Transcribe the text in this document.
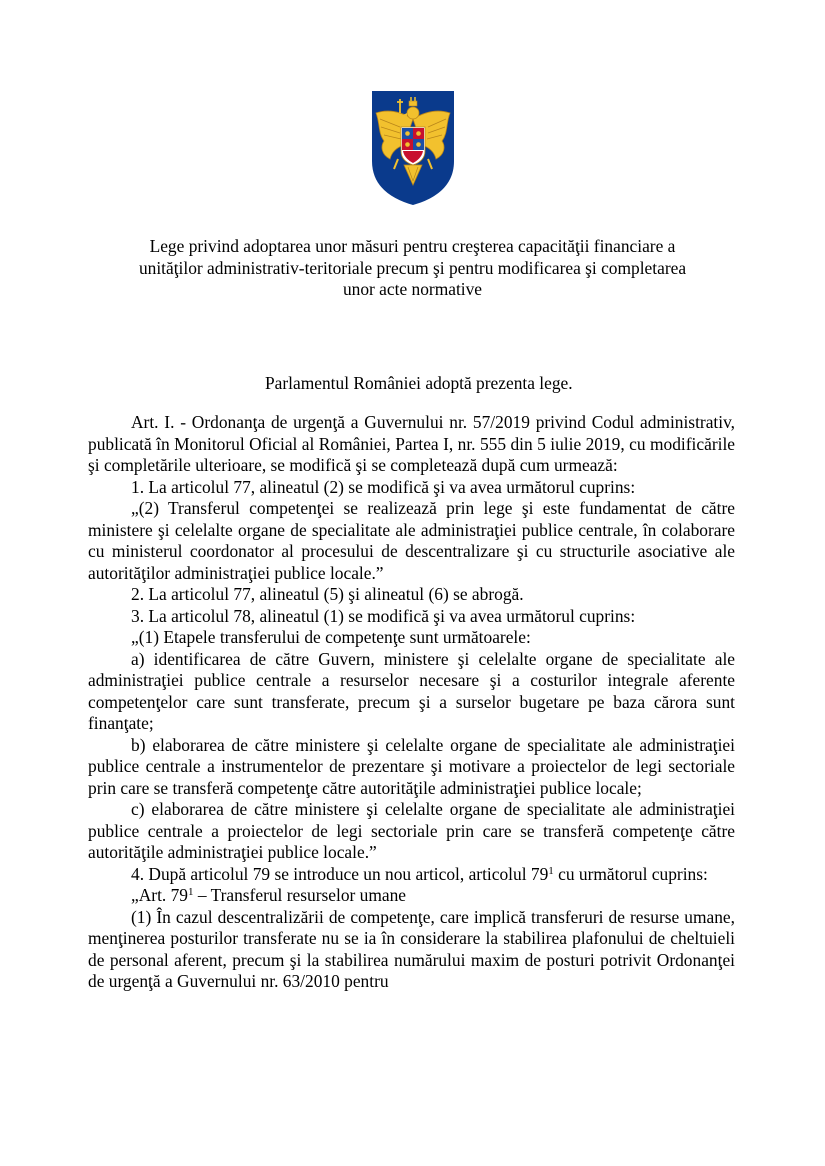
Lege privind adoptarea unor măsuri pentru creşterea capacităţii financiare a
unităţilor administrativ-teritoriale precum şi pentru modificarea şi completarea
unor acte normative
Parlamentul României adoptă prezenta lege.

Art. I. - Ordonanţa de urgenţă a Guvernului nr. 57/2019 privind Codul administrativ, publicată în Monitorul Oficial al României, Partea I, nr. 555 din 5 iulie 2019, cu modificările şi completările ulterioare, se modifică şi se completează după cum urmează:

1. La articolul 77, alineatul (2) se modifică şi va avea următorul cuprins:

„(2) Transferul competenţei se realizează prin lege şi este fundamentat de către ministere şi celelalte organe de specialitate ale administraţiei publice centrale, în colaborare cu ministerul coordonator al procesului de descentralizare şi cu structurile asociative ale autorităţilor administraţiei publice locale.”

2. La articolul 77, alineatul (5) şi alineatul (6) se abrogă.

3. La articolul 78, alineatul (1) se modifică şi va avea următorul cuprins:

„(1) Etapele transferului de competenţe sunt următoarele:

a) identificarea de către Guvern, ministere şi celelalte organe de specialitate ale administraţiei publice centrale a resurselor necesare şi a costurilor integrale aferente competenţelor care sunt transferate, precum şi a surselor bugetare pe baza cărora sunt finanţate;

b) elaborarea de către ministere şi celelalte organe de specialitate ale administraţiei publice centrale a instrumentelor de prezentare şi motivare a proiectelor de legi sectoriale prin care se transferă competenţe către autorităţile administraţiei publice locale;

c) elaborarea de către ministere şi celelalte organe de specialitate ale administraţiei publice centrale a proiectelor de legi sectoriale prin care se transferă competenţe către autorităţile administraţiei publice locale.”

4. După articolul 79 se introduce un nou articol, articolul $79^1$ cu următorul cuprins:

„Art. $79^1$ – Transferul resurselor umane

(1) În cazul descentralizării de competenţe, care implică transferuri de resurse umane, menţinerea posturilor transferate nu se ia în considerare la stabilirea plafonului de cheltuieli de personal aferent, precum şi la stabilirea numărului maxim de posturi potrivit Ordonanţei de urgenţă a Guvernului nr. 63/2010 pentru
